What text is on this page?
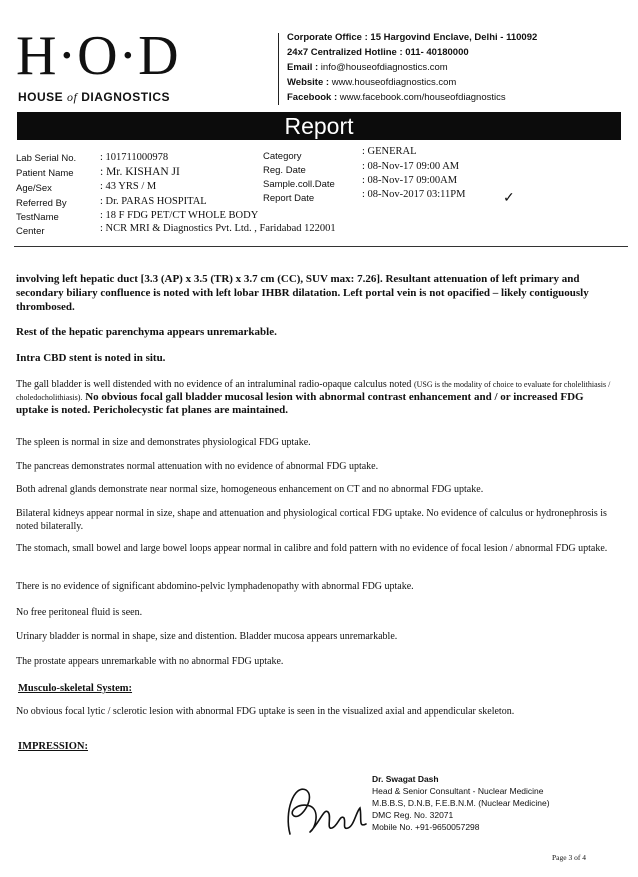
H·O·D
HOUSE of DIAGNOSTICS
Corporate Office : 15 Hargovind Enclave, Delhi - 110092
24x7 Centralized Hotline : 011- 40180000
Email : info@houseofdiagnostics.com
Website : www.houseofdiagnostics.com
Facebook : www.facebook.com/houseofdiagnostics
Report
Lab Serial No. : 101711000978
Patient Name : Mr. KISHAN JI
Age/Sex	: 43 YRS / M
Referred By	: Dr. PARAS HOSPITAL
TestName	: 18 F FDG PET/CT WHOLE BODY
Center	: NCR MRI & Diagnostics Pvt. Ltd. , Faridabad 122001
Category	: GENERAL
Reg. Date	: 08-Nov-17 09:00 AM
Sample.coll.Date	: 08-Nov-17 09:00AM
Report Date	: 08-Nov-2017 03:11PM	✓
involving left hepatic duct [3.3 (AP) x 3.5 (TR) x 3.7 cm (CC), SUV max: 7.26]. Resultant attenuation of left primary and secondary biliary confluence is noted with left lobar IHBR dilatation. Left portal vein is not opacified – likely contiguously thrombosed.
Rest of the hepatic parenchyma appears unremarkable.
Intra CBD stent is noted in situ.
The gall bladder is well distended with no evidence of an intraluminal radio-opaque calculus noted (USG is the modality of choice to evaluate for cholelithiasis / choledocholithiasis). No obvious focal gall bladder mucosal lesion with abnormal contrast enhancement and / or increased FDG uptake is noted. Pericholecystic fat planes are maintained.
The spleen is normal in size and demonstrates physiological FDG uptake.
The pancreas demonstrates normal attenuation with no evidence of abnormal FDG uptake.
Both adrenal glands demonstrate near normal size, homogeneous enhancement on CT and no abnormal FDG uptake.
Bilateral kidneys appear normal in size, shape and attenuation and physiological cortical FDG uptake. No evidence of calculus or hydronephrosis is noted bilaterally.
The stomach, small bowel and large bowel loops appear normal in calibre and fold pattern with no evidence of focal lesion / abnormal FDG uptake.
There is no evidence of significant abdomino-pelvic lymphadenopathy with abnormal FDG uptake.
No free peritoneal fluid is seen.
Urinary bladder is normal in shape, size and distention. Bladder mucosa appears unremarkable.
The prostate appears unremarkable with no abnormal FDG uptake.
Musculo-skeletal System:
No obvious focal lytic / sclerotic lesion with abnormal FDG uptake is seen in the visualized axial and appendicular skeleton.
IMPRESSION:
Dr. Swagat Dash
Head & Senior Consultant - Nuclear Medicine
M.B.B.S, D.N.B, F.E.B.N.M. (Nuclear Medicine)
DMC Reg. No. 32071
Mobile No. +91-9650057298
Page 3 of 4
